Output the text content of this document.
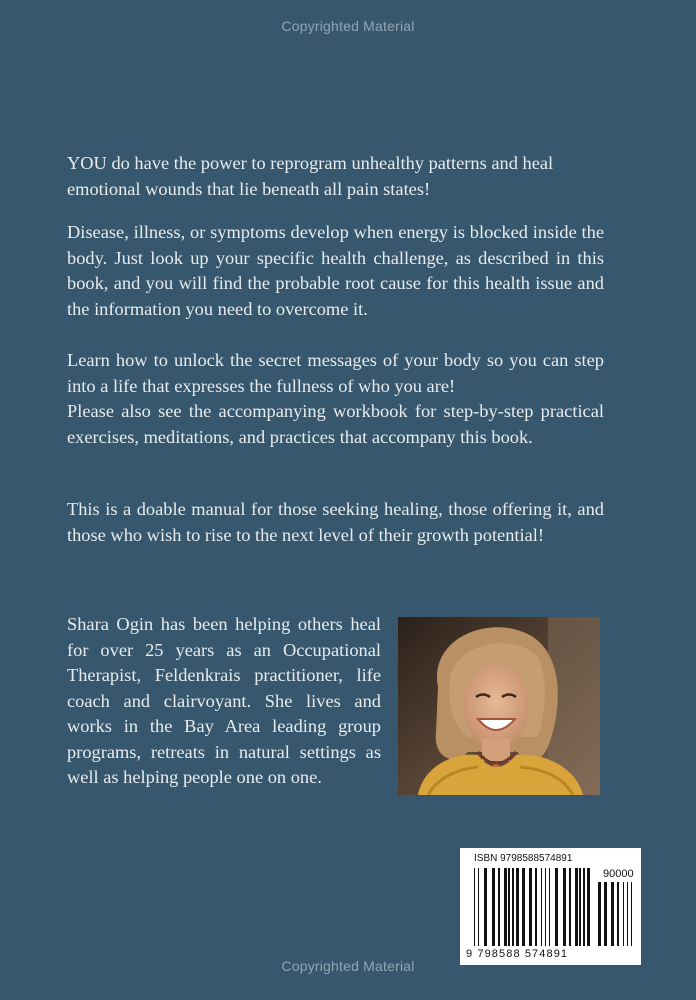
Copyrighted Material

YOU do have the power to reprogram unhealthy patterns and heal emotional wounds that lie beneath all pain states!

Disease, illness, or symptoms develop when energy is blocked inside the body. Just look up your specific health challenge, as described in this book, and you will find the probable root cause for this health issue and the information you need to overcome it.

Learn how to unlock the secret messages of your body so you can step into a life that expresses the fullness of who you are!
Please also see the accompanying workbook for step-by-step practical exercises, meditations, and practices that accompany this book.

This is a doable manual for those seeking healing, those offering it, and those who wish to rise to the next level of their growth potential!

Shara Ogin has been helping others heal for over 25 years as an Occupational Therapist, Feldenkrais practitioner, life coach and clairvoyant. She lives and works in the Bay Area leading group programs, retreats in natural settings as well as helping people one on one.

ISBN 9798588574891
90000
9 798588 574891
Copyrighted Material
